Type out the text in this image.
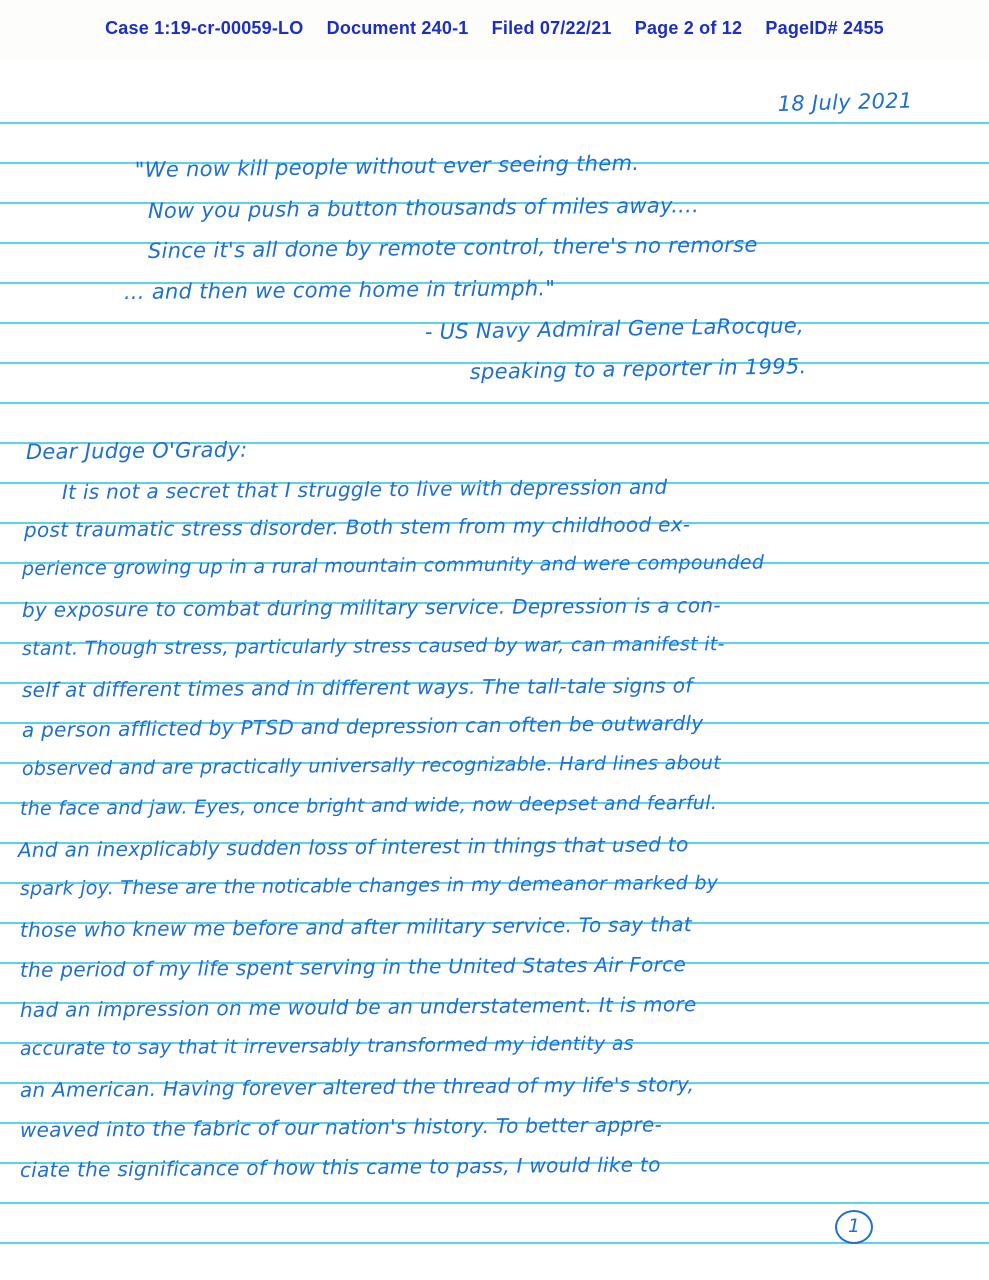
Case 1:19-cr-00059-LO Document 240-1 Filed 07/22/21 Page 2 of 12 PageID# 2455
18 July 2021
"We now kill people without ever seeing them.
Now you push a button thousands of miles away....
Since it's all done by remote control, there's no remorse
... and then we come home in triumph."
- US Navy Admiral Gene LaRocque,
speaking to a reporter in 1995.
Dear Judge O'Grady:
It is not a secret that I struggle to live with depression and
post traumatic stress disorder. Both stem from my childhood ex-
perience growing up in a rural mountain community and were compounded
by exposure to combat during military service. Depression is a con-
stant. Though stress, particularly stress caused by war, can manifest it-
self at different times and in different ways. The tall-tale signs of
a person afflicted by PTSD and depression can often be outwardly
observed and are practically universally recognizable. Hard lines about
the face and jaw. Eyes, once bright and wide, now deepset and fearful.
And an inexplicably sudden loss of interest in things that used to
spark joy. These are the noticable changes in my demeanor marked by
those who knew me before and after military service. To say that
the period of my life spent serving in the United States Air Force
had an impression on me would be an understatement. It is more
accurate to say that it irreversably transformed my identity as
an American. Having forever altered the thread of my life's story,
weaved into the fabric of our nation's history. To better appre-
ciate the significance of how this came to pass, I would like to
1
